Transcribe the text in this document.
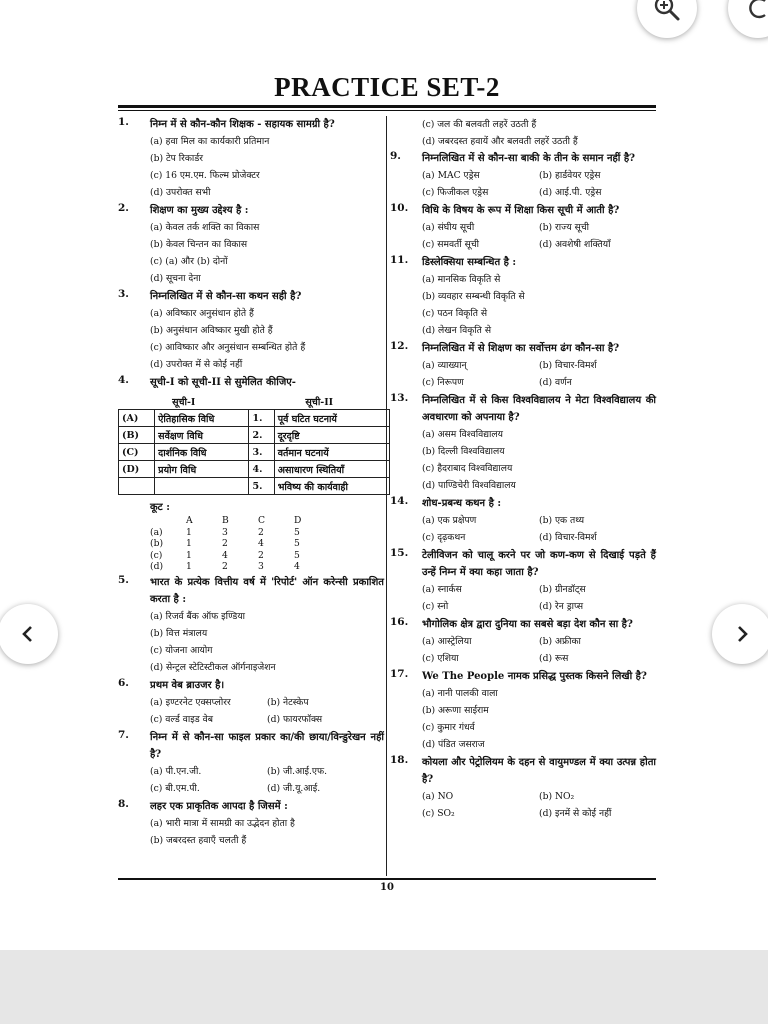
PRACTICE SET-2
1. निम्न में से कौन-कौन शिक्षक - सहायक सामग्री है?
(a) हवा मिल का कार्यकारी प्रतिमान
(b) टेप रिकार्डर
(c) 16 एम.एम. फिल्म प्रोजेक्टर
(d) उपरोक्त सभी
2. शिक्षण का मुख्य उद्देश्य है :
(a) केवल तर्क शक्ति का विकास
(b) केवल चिन्तन का विकास
(c) (a) और (b) दोनों
(d) सूचना देना
3. निम्नलिखित में से कौन-सा कथन सही है?
(a) अविष्कार अनुसंधान होते हैं
(b) अनुसंधान अविष्कार मुखी होते हैं
(c) आविष्कार और अनुसंधान सम्बन्धित होते हैं
(d) उपरोक्त में से कोई नहीं
4. सूची-I को सूची-II से सुमेलित कीजिए-
सूची-I		सूची-II	
(A)	ऐतिहासिक विधि	1.	पूर्व घटित घटनायें
(B)	सर्वेक्षण विधि	2.	दूरदृष्टि
(C)	दार्शनिक विधि	3.	वर्तमान घटनायें
(D)	प्रयोग विधि	4.	असाधारण स्थितियाँ
		5.	भविष्य की कार्यवाही
कूट :
	A	B	C	D
(a)	1	3	2	5
(b)	1	2	4	5
(c)	1	4	2	5
(d)	1	2	3	4
5. भारत के प्रत्येक वित्तीय वर्ष में 'रिपोर्ट' ऑन करेन्सी प्रकाशित करता है :
(a) रिजर्व बैंक ऑफ इण्डिया
(b) वित्त मंत्रालय
(c) योजना आयोग
(d) सेन्ट्रल स्टेटिस्टीकल ऑर्गनाइजेशन
6. प्रथम वेब ब्राउजर है।
(a) इण्टरनेट एक्सप्लोरर	(b) नेटस्केप
(c) वर्ल्ड वाइड वेब	(d) फायरफॉक्स
7. निम्न में से कौन-सा फाइल प्रकार का/की छाया/विन्डुरेखन नहीं है?
(a) पी.एन.जी.	(b) जी.आई.एफ.
(c) बी.एम.पी.	(d) जी.यू.आई.
8. लहर एक प्राकृतिक आपदा है जिसमें :
(a) भारी मात्रा में सामग्री का उद्भेदन होता है
(b) जबरदस्त हवाएँ चलती हैं
(c) जल की बलवती लहरें उठती हैं
(d) जबरदस्त हवायें और बलवती लहरें उठती हैं
9. निम्नलिखित में से कौन-सा बाकी के तीन के समान नहीं है?
(a) MAC एड्रेस	(b) हार्डवेयर एड्रेस
(c) फिजीकल एड्रेस	(d) आई.पी. एड्रेस
10. विधि के विषय के रूप में शिक्षा किस सूची में आती है?
(a) संघीय सूची	(b) राज्य सूची
(c) समवर्ती सूची	(d) अवशेषी शक्तियाँ
11. डिस्लेक्सिया सम्बन्धित है :
(a) मानसिक विकृति से
(b) व्यवहार सम्बन्धी विकृति से
(c) पठन विकृति से
(d) लेखन विकृति से
12. निम्नलिखित में से शिक्षण का सर्वोत्तम ढंग कौन-सा है?
(a) व्याख्यान्	(b) विचार-विमर्श
(c) निरूपण	(d) वर्णन
13. निम्नलिखित में से किस विश्वविद्यालय ने मेटा विश्वविद्यालय की अवधारणा को अपनाया है?
(a) असम विश्वविद्यालय
(b) दिल्ली विश्वविद्यालय
(c) हैदराबाद विश्वविद्यालय
(d) पाण्डिचेरी विश्वविद्यालय
14. शोध-प्रबन्ध कथन है :
(a) एक प्रक्षेपण	(b) एक तथ्य
(c) दृढ़कथन	(d) विचार-विमर्श
15. टेलीविजन को चालू करने पर जो कण-कण से दिखाई पड़ते हैं उन्हें निम्न में क्या कहा जाता है?
(a) स्नार्कस	(b) ग्रीनडॉट्स
(c) स्नो	(d) रेन ड्राप्स
16. भौगोलिक क्षेत्र द्वारा दुनिया का सबसे बड़ा देश कौन सा है?
(a) आस्ट्रेलिया	(b) अफ्रीका
(c) एशिया	(d) रूस
17. We The People नामक प्रसिद्ध पुस्तक किसने लिखी है?
(a) नानी पालकी वाला
(b) अरूणा साईराम
(c) कुमार गंधर्व
(d) पंडित जसराज
18. कोयला और पेट्रोलियम के दहन से वायुमण्डल में क्या उत्पन्न होता है?
(a) NO	(b) NO₂
(c) SO₂	(d) इनमें से कोई नहीं
10
